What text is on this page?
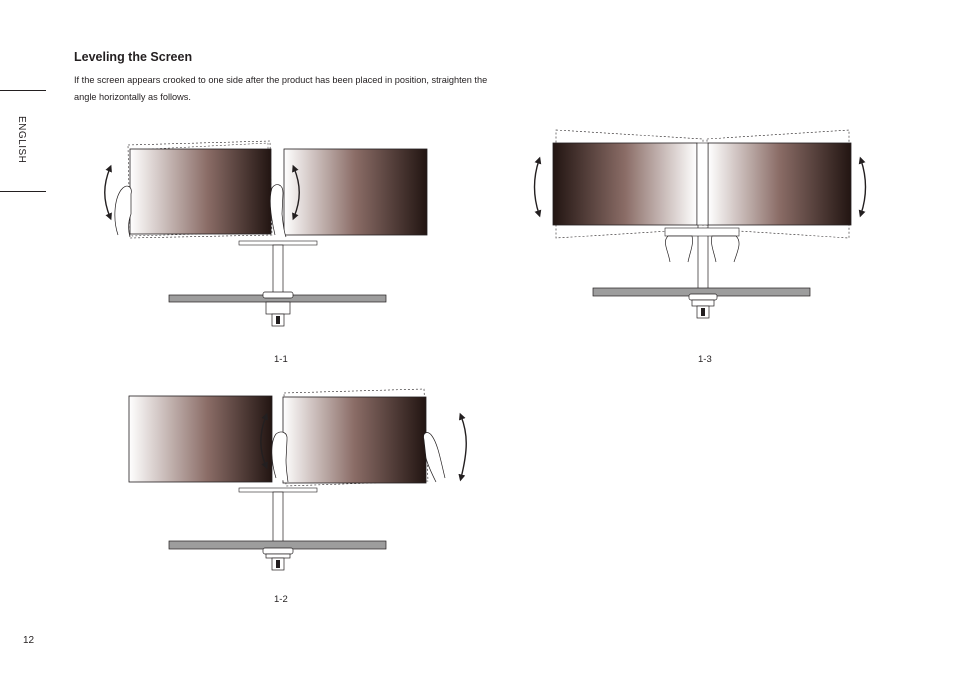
ENGLISH
Leveling the Screen

If the screen appears crooked to one side after the product has been placed in position, straighten the angle horizontally as follows.

1-1
1-2
1-3
12
